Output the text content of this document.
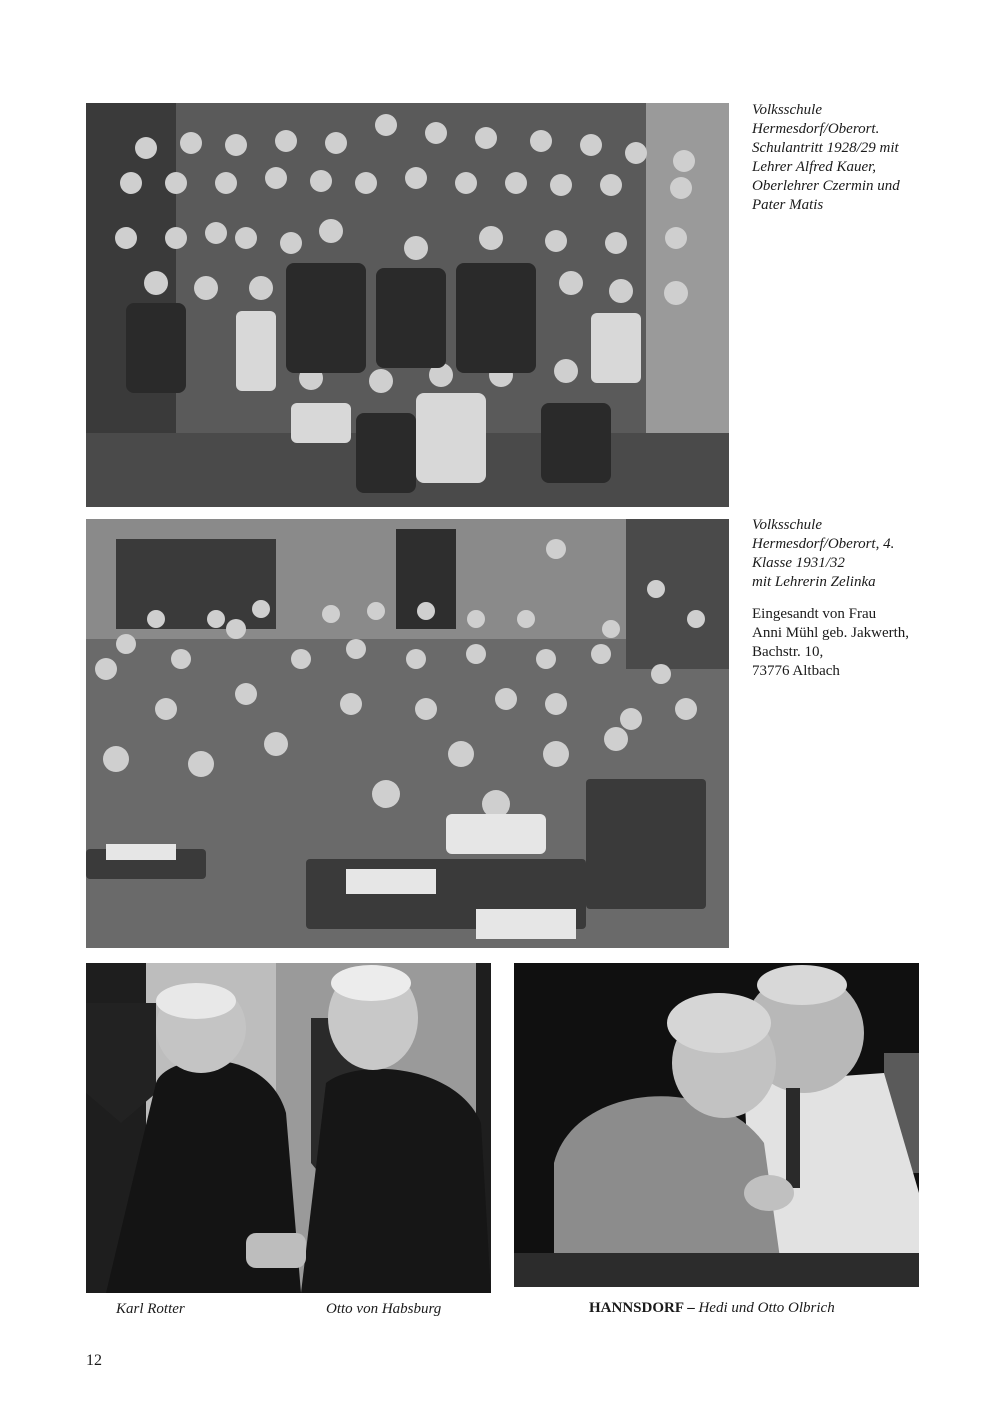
Volksschule
Hermesdorf/Oberort.
Schulantritt 1928/29 mit
Lehrer Alfred Kauer,
Oberlehrer Czermin und
Pater Matis
Volksschule
Hermesdorf/Oberort, 4.
Klasse 1931/32
mit Lehrerin Zelinka
Eingesandt von Frau
Anni Mühl geb. Jakwerth,
Bachstr. 10,
73776 Altbach
Karl Rotter	Otto von Habsburg	HANNSDORF – Hedi und Otto Olbrich
12
